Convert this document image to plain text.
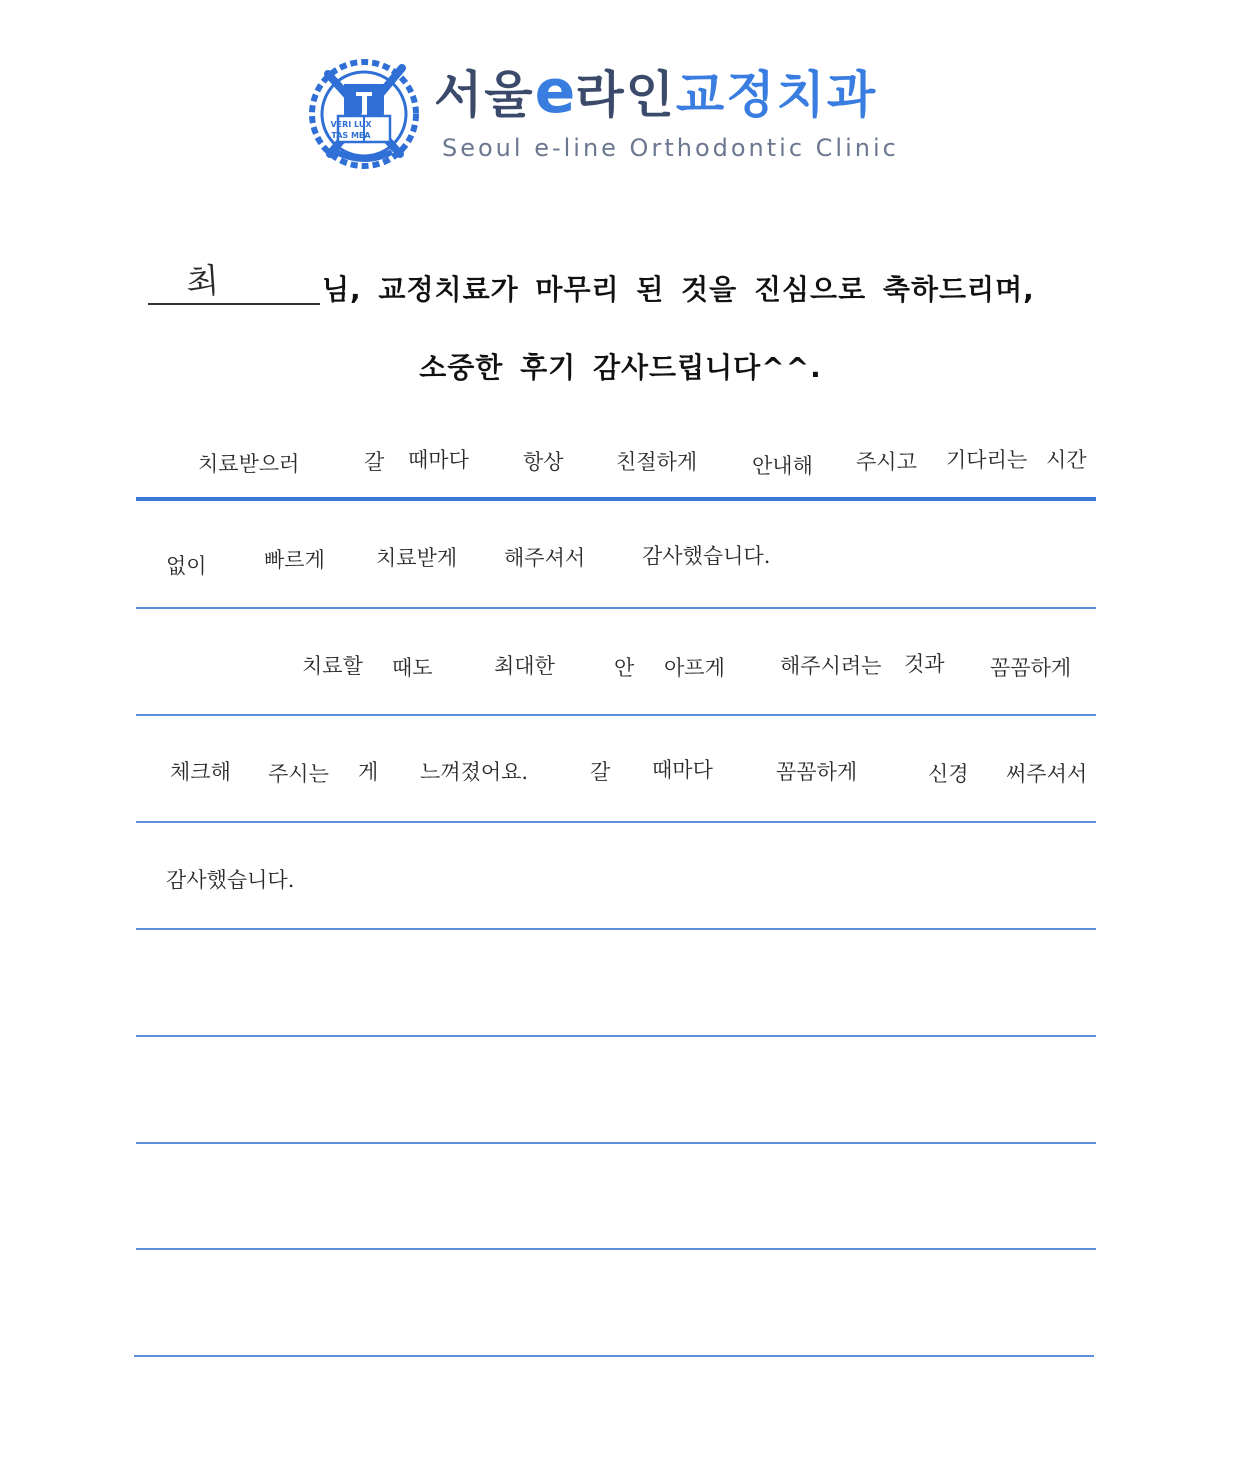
VERI LUX
TAS MEA
서울e라인교정치과
Seoul e-line Orthodontic Clinic
최	님, 교정치료가 마무리 된 것을 진심으로 축하드리며,
소중한 후기 감사드립니다^^.
치료받으러	갈 때마다	항상 친절하게	안내해 주시고 기다리는 시간
없이	빠르게 치료받게 해주셔서	감사했습니다.
치료할 때도	최대한	안 아프게	해주시려는 것과 꼼꼼하게
체크해 주시는 게 느껴졌어요.	갈 때마다	꼼꼼하게	신경 써주셔서
감사했습니다.
